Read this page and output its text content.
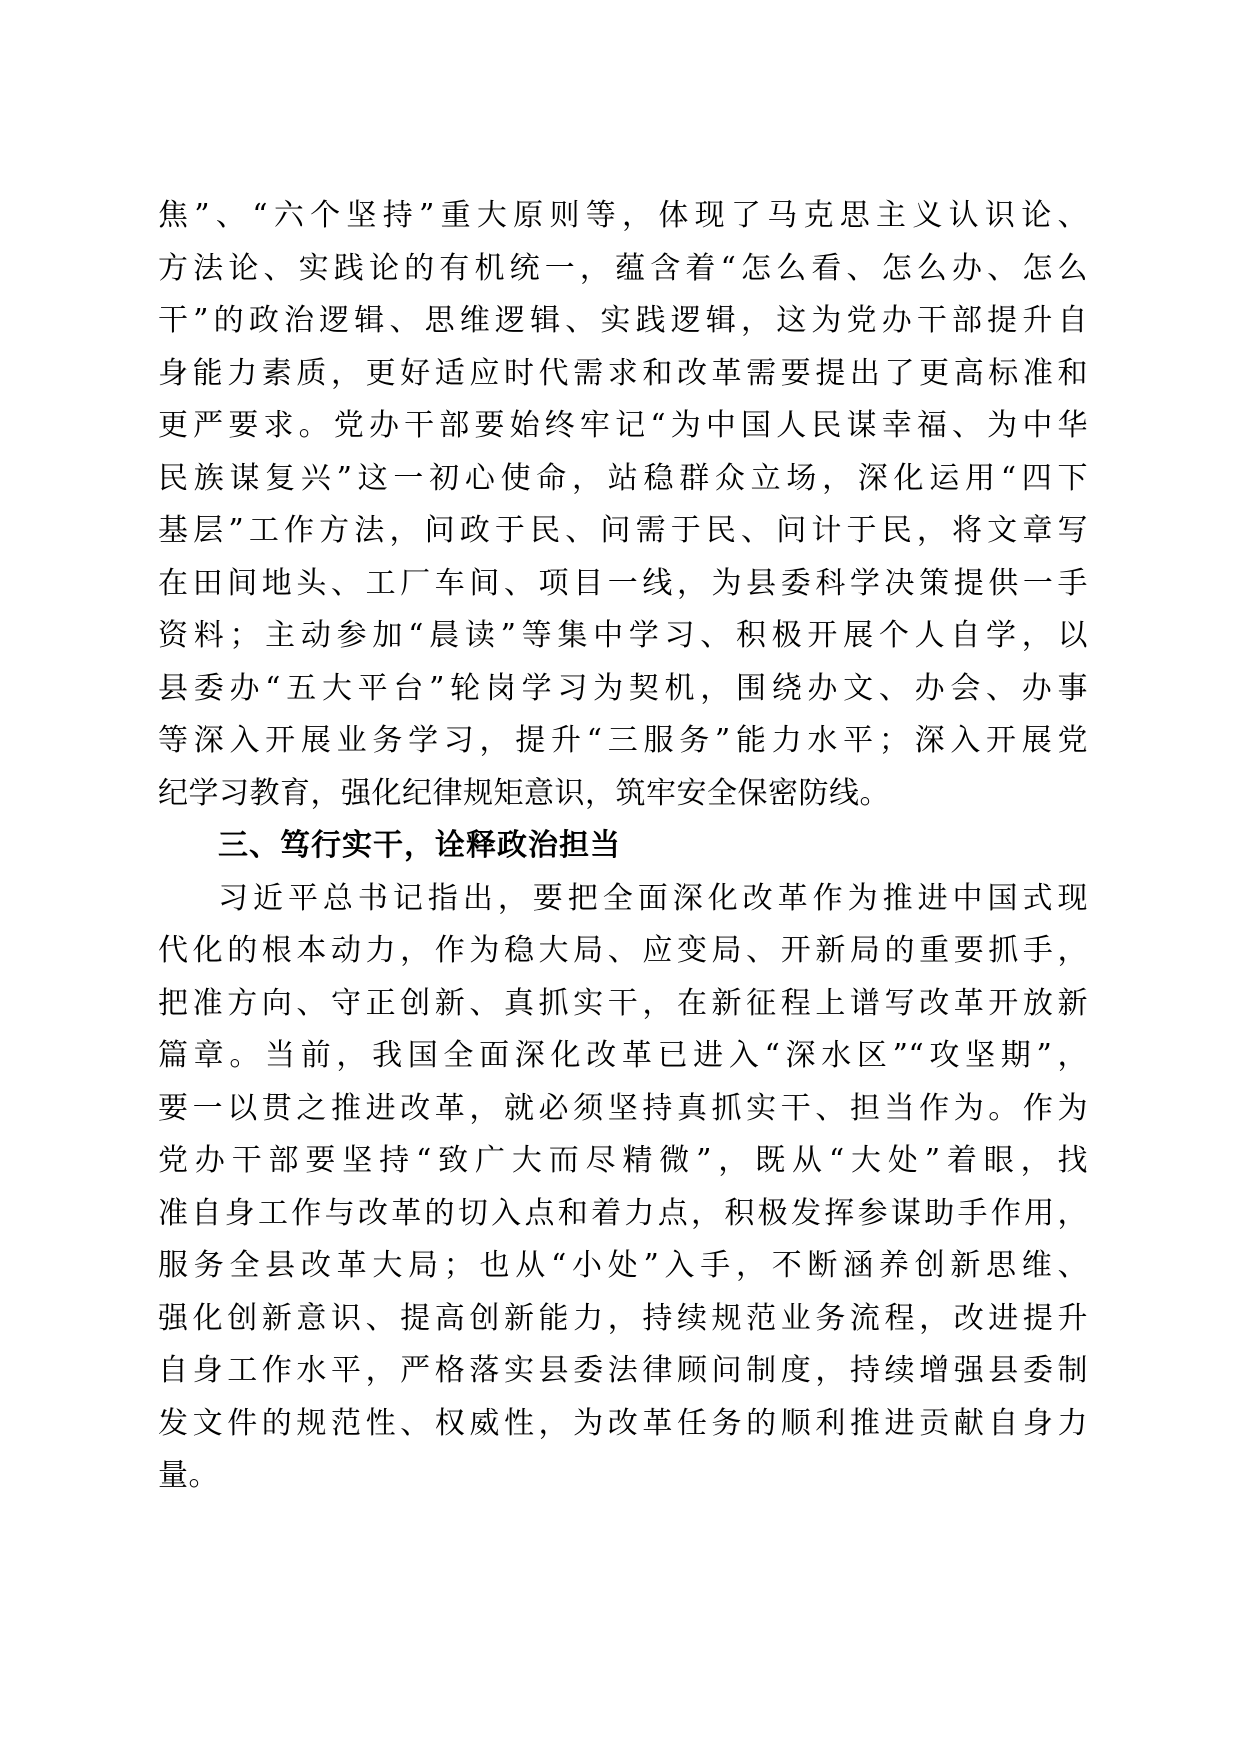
焦”、“六个坚持”重大原则等，体现了马克思主义认识论、
方法论、实践论的有机统一，蕴含着“怎么看、怎么办、怎么
干”的政治逻辑、思维逻辑、实践逻辑，这为党办干部提升自
身能力素质，更好适应时代需求和改革需要提出了更高标准和
更严要求。党办干部要始终牢记“为中国人民谋幸福、为中华
民族谋复兴”这一初心使命，站稳群众立场，深化运用“四下
基层”工作方法，问政于民、问需于民、问计于民，将文章写
在田间地头、工厂车间、项目一线，为县委科学决策提供一手
资料；主动参加“晨读”等集中学习、积极开展个人自学，以
县委办“五大平台”轮岗学习为契机，围绕办文、办会、办事
等深入开展业务学习，提升“三服务”能力水平；深入开展党
纪学习教育，强化纪律规矩意识，筑牢安全保密防线。
三、笃行实干，诠释政治担当
习近平总书记指出，要把全面深化改革作为推进中国式现
代化的根本动力，作为稳大局、应变局、开新局的重要抓手，
把准方向、守正创新、真抓实干，在新征程上谱写改革开放新
篇章。当前，我国全面深化改革已进入“深水区”“攻坚期”，
要一以贯之推进改革，就必须坚持真抓实干、担当作为。作为
党办干部要坚持“致广大而尽精微”，既从“大处”着眼，找
准自身工作与改革的切入点和着力点，积极发挥参谋助手作用，
服务全县改革大局；也从“小处”入手，不断涵养创新思维、
强化创新意识、提高创新能力，持续规范业务流程，改进提升
自身工作水平，严格落实县委法律顾问制度，持续增强县委制
发文件的规范性、权威性，为改革任务的顺利推进贡献自身力
量。
